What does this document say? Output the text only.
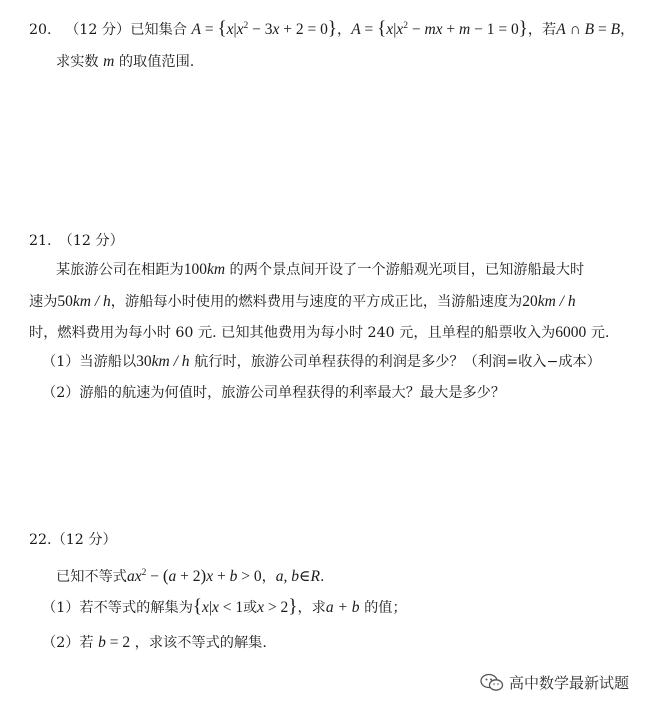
20. （12 分）已知集合 $A = \{x|x^2 - 3x + 2 = 0\}$，$A = \{x|x^2$ − mx + m − 1 = 0}，若A ∩ B = B，
求实数 m 的取值范围.
21.　（12 分）
某旅游公司在相距为100km 的两个景点间开设了一个游船观光项目，已知游船最大时
速为50km / h，游船每小时使用的燃料费用与速度的平方成正比，当游船速度为20km / h
时，燃料费用为每小时 60 元. 已知其他费用为每小时 240 元，且单程的船票收入为6000 元.
（1）当游船以30km / h 航行时，旅游公司单程获得的利润是多少？（利润=收入−成本）
（2）游船的航速为何值时，旅游公司单程获得的利率最大？最大是多少？
22.（12 分）
已知不等式$ax^2 - (a + 2)x + b > 0$，a, b∈R.
（1）若不等式的解集为{x|x < 1或x > 2}，求a + b 的值；
（2）若 b = 2 ，求该不等式的解集.
高中数学最新试题
